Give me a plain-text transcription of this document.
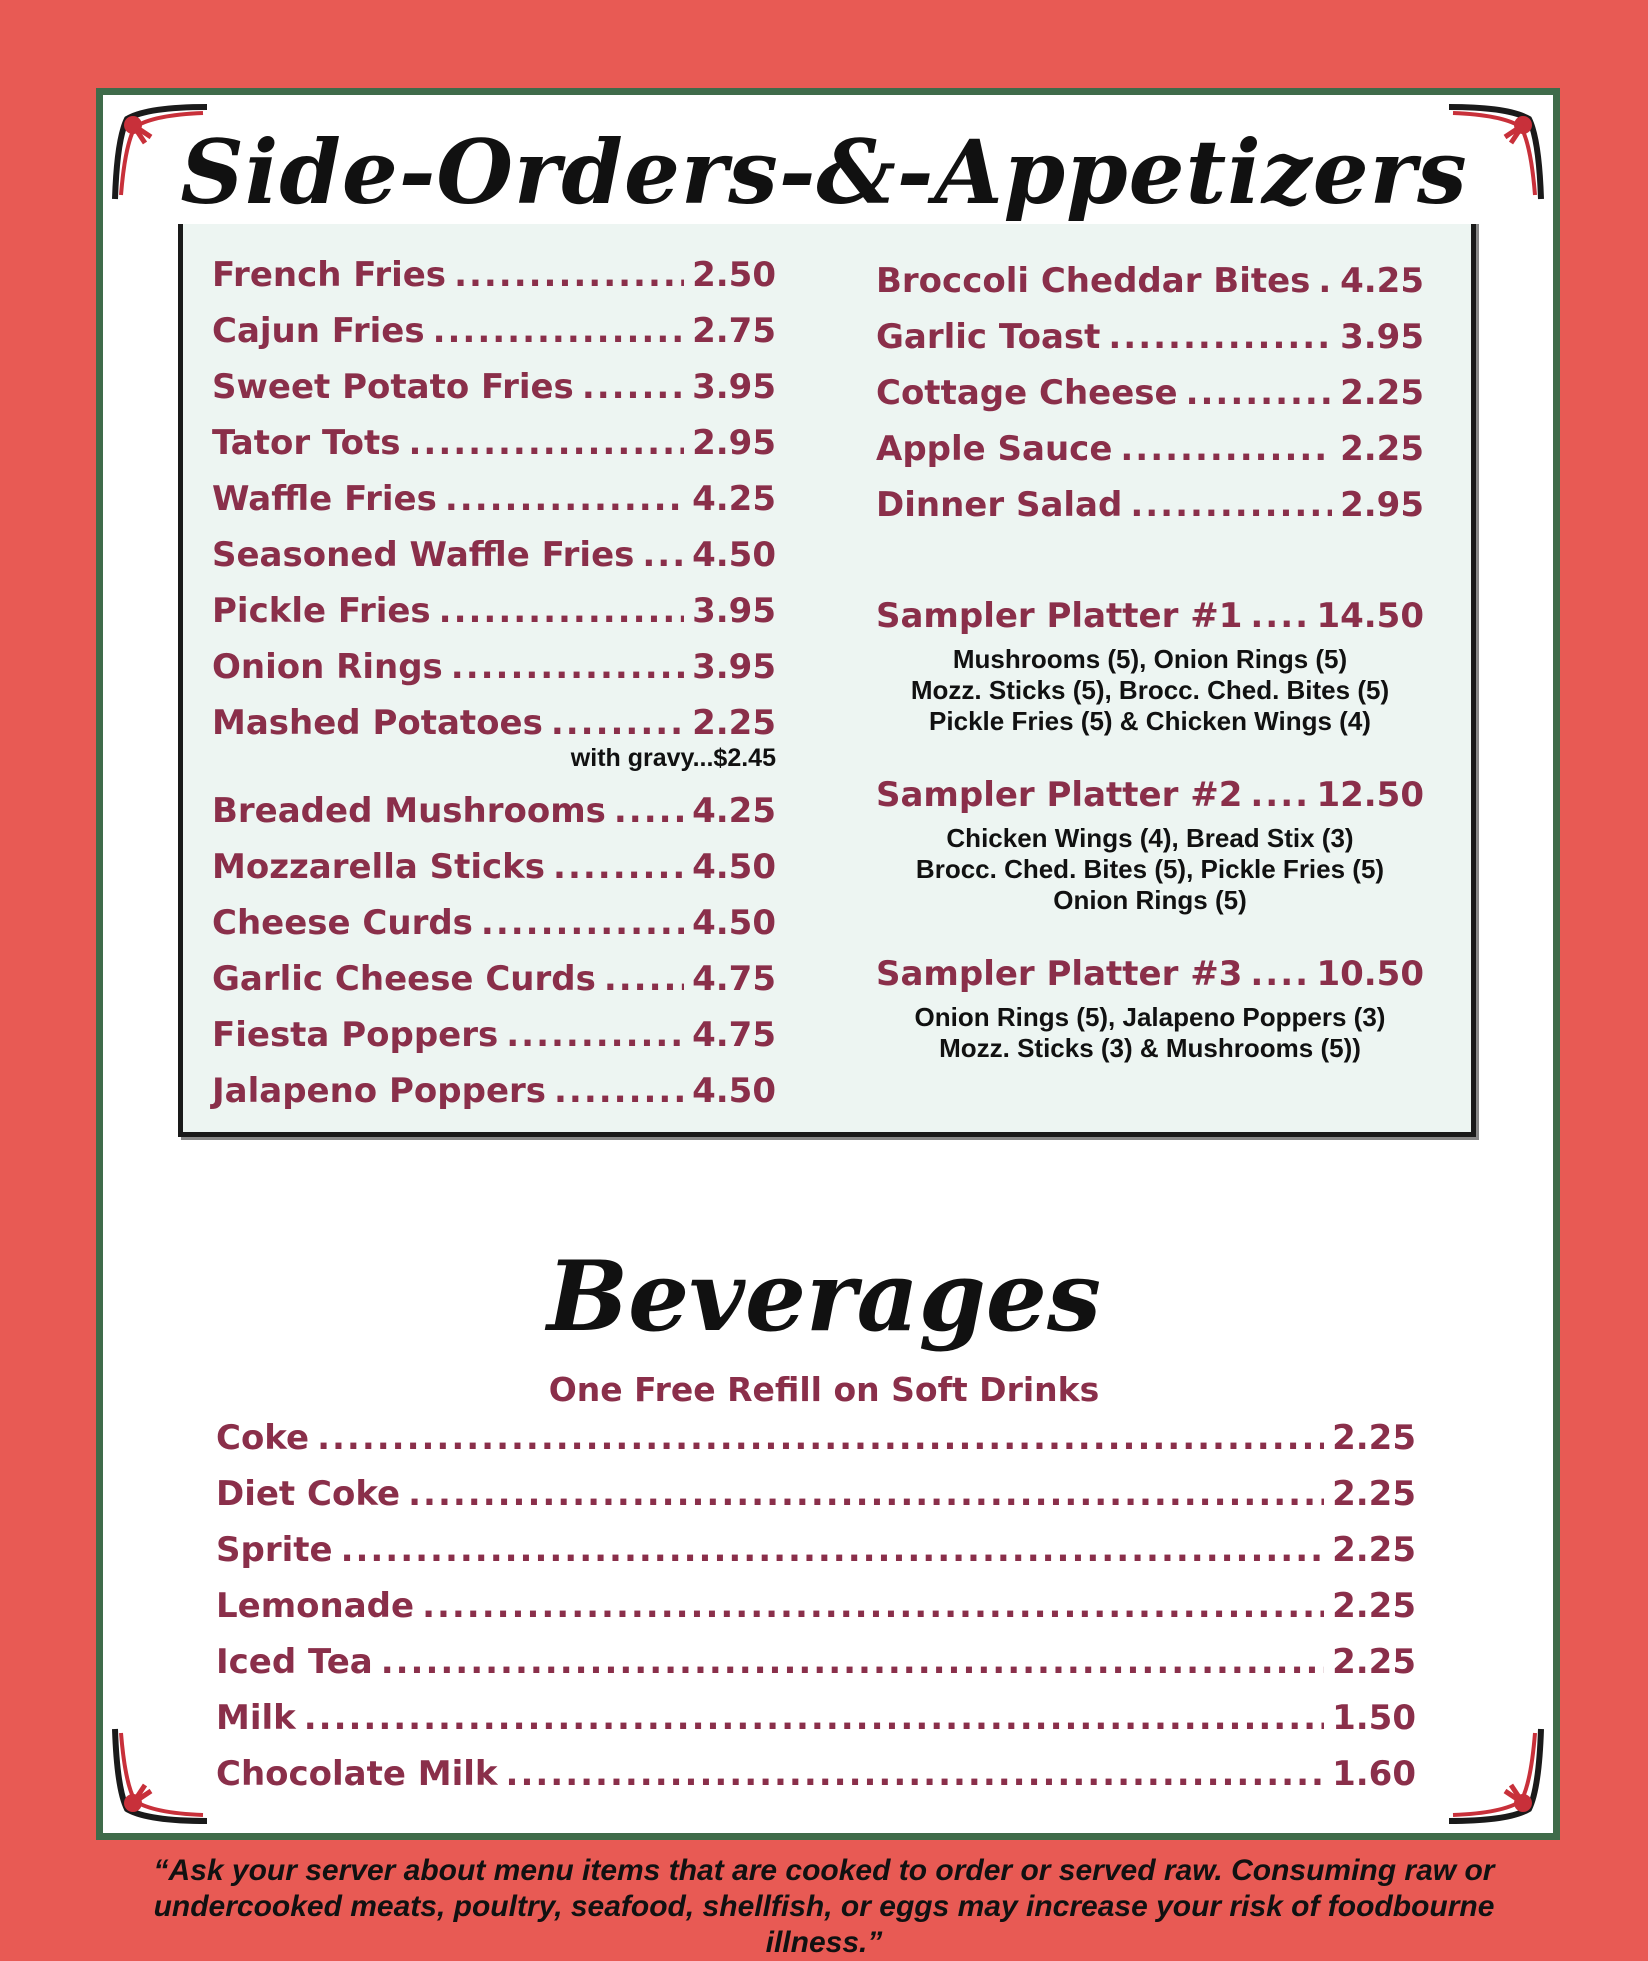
Side-Orders-&-Appetizers
French Fries .....	2.50
Cajun Fries .....	2.75
Sweet Potato Fries .....	3.95
Tator Tots .....	2.95
Waffle Fries .....	4.25
Seasoned Waffle Fries ..... 4.50
Pickle Fries .....	3.95
Onion Rings .....	3.95
Mashed Potatoes .....	2.25
Breaded Mushrooms .....	4.25
Mozzarella Sticks .....	4.50
Cheese Curds .....	4.50
Garlic Cheese Curds .....	4.75
Fiesta Poppers .....	4.75
Jalapeno Poppers .....	4.50
with gravy...$2.45
Broccoli Cheddar Bites ..... 4.25
Garlic Toast .....	3.95
Cottage Cheese .....	2.25
Apple Sauce .....	2.25
Dinner Salad .....	2.95
Sampler Platter #1 ..... 14.50
Mushrooms (5), Onion Rings (5)
Mozz. Sticks (5), Brocc. Ched. Bites (5)
Pickle Fries (5) & Chicken Wings (4)
Sampler Platter #2 ..... 12.50
Chicken Wings (4), Bread Stix (3)
Brocc. Ched. Bites (5), Pickle Fries (5)
Onion Rings (5)
Sampler Platter #3 ..... 10.50
Onion Rings (5), Jalapeno Poppers (3)
Mozz. Sticks (3) & Mushrooms (5))
Beverages
One Free Refill on Soft Drinks
Coke .....	2.25
Diet Coke .....	2.25
Sprite .....	2.25
Lemonade .....	2.25
Iced Tea .....	2.25
Milk .....	1.50
Chocolate Milk .....	1.60
“Ask your server about menu items that are cooked to order or served raw. Consuming raw or undercooked meats, poultry, seafood, shellfish, or eggs may increase your risk of foodbourne illness.”
